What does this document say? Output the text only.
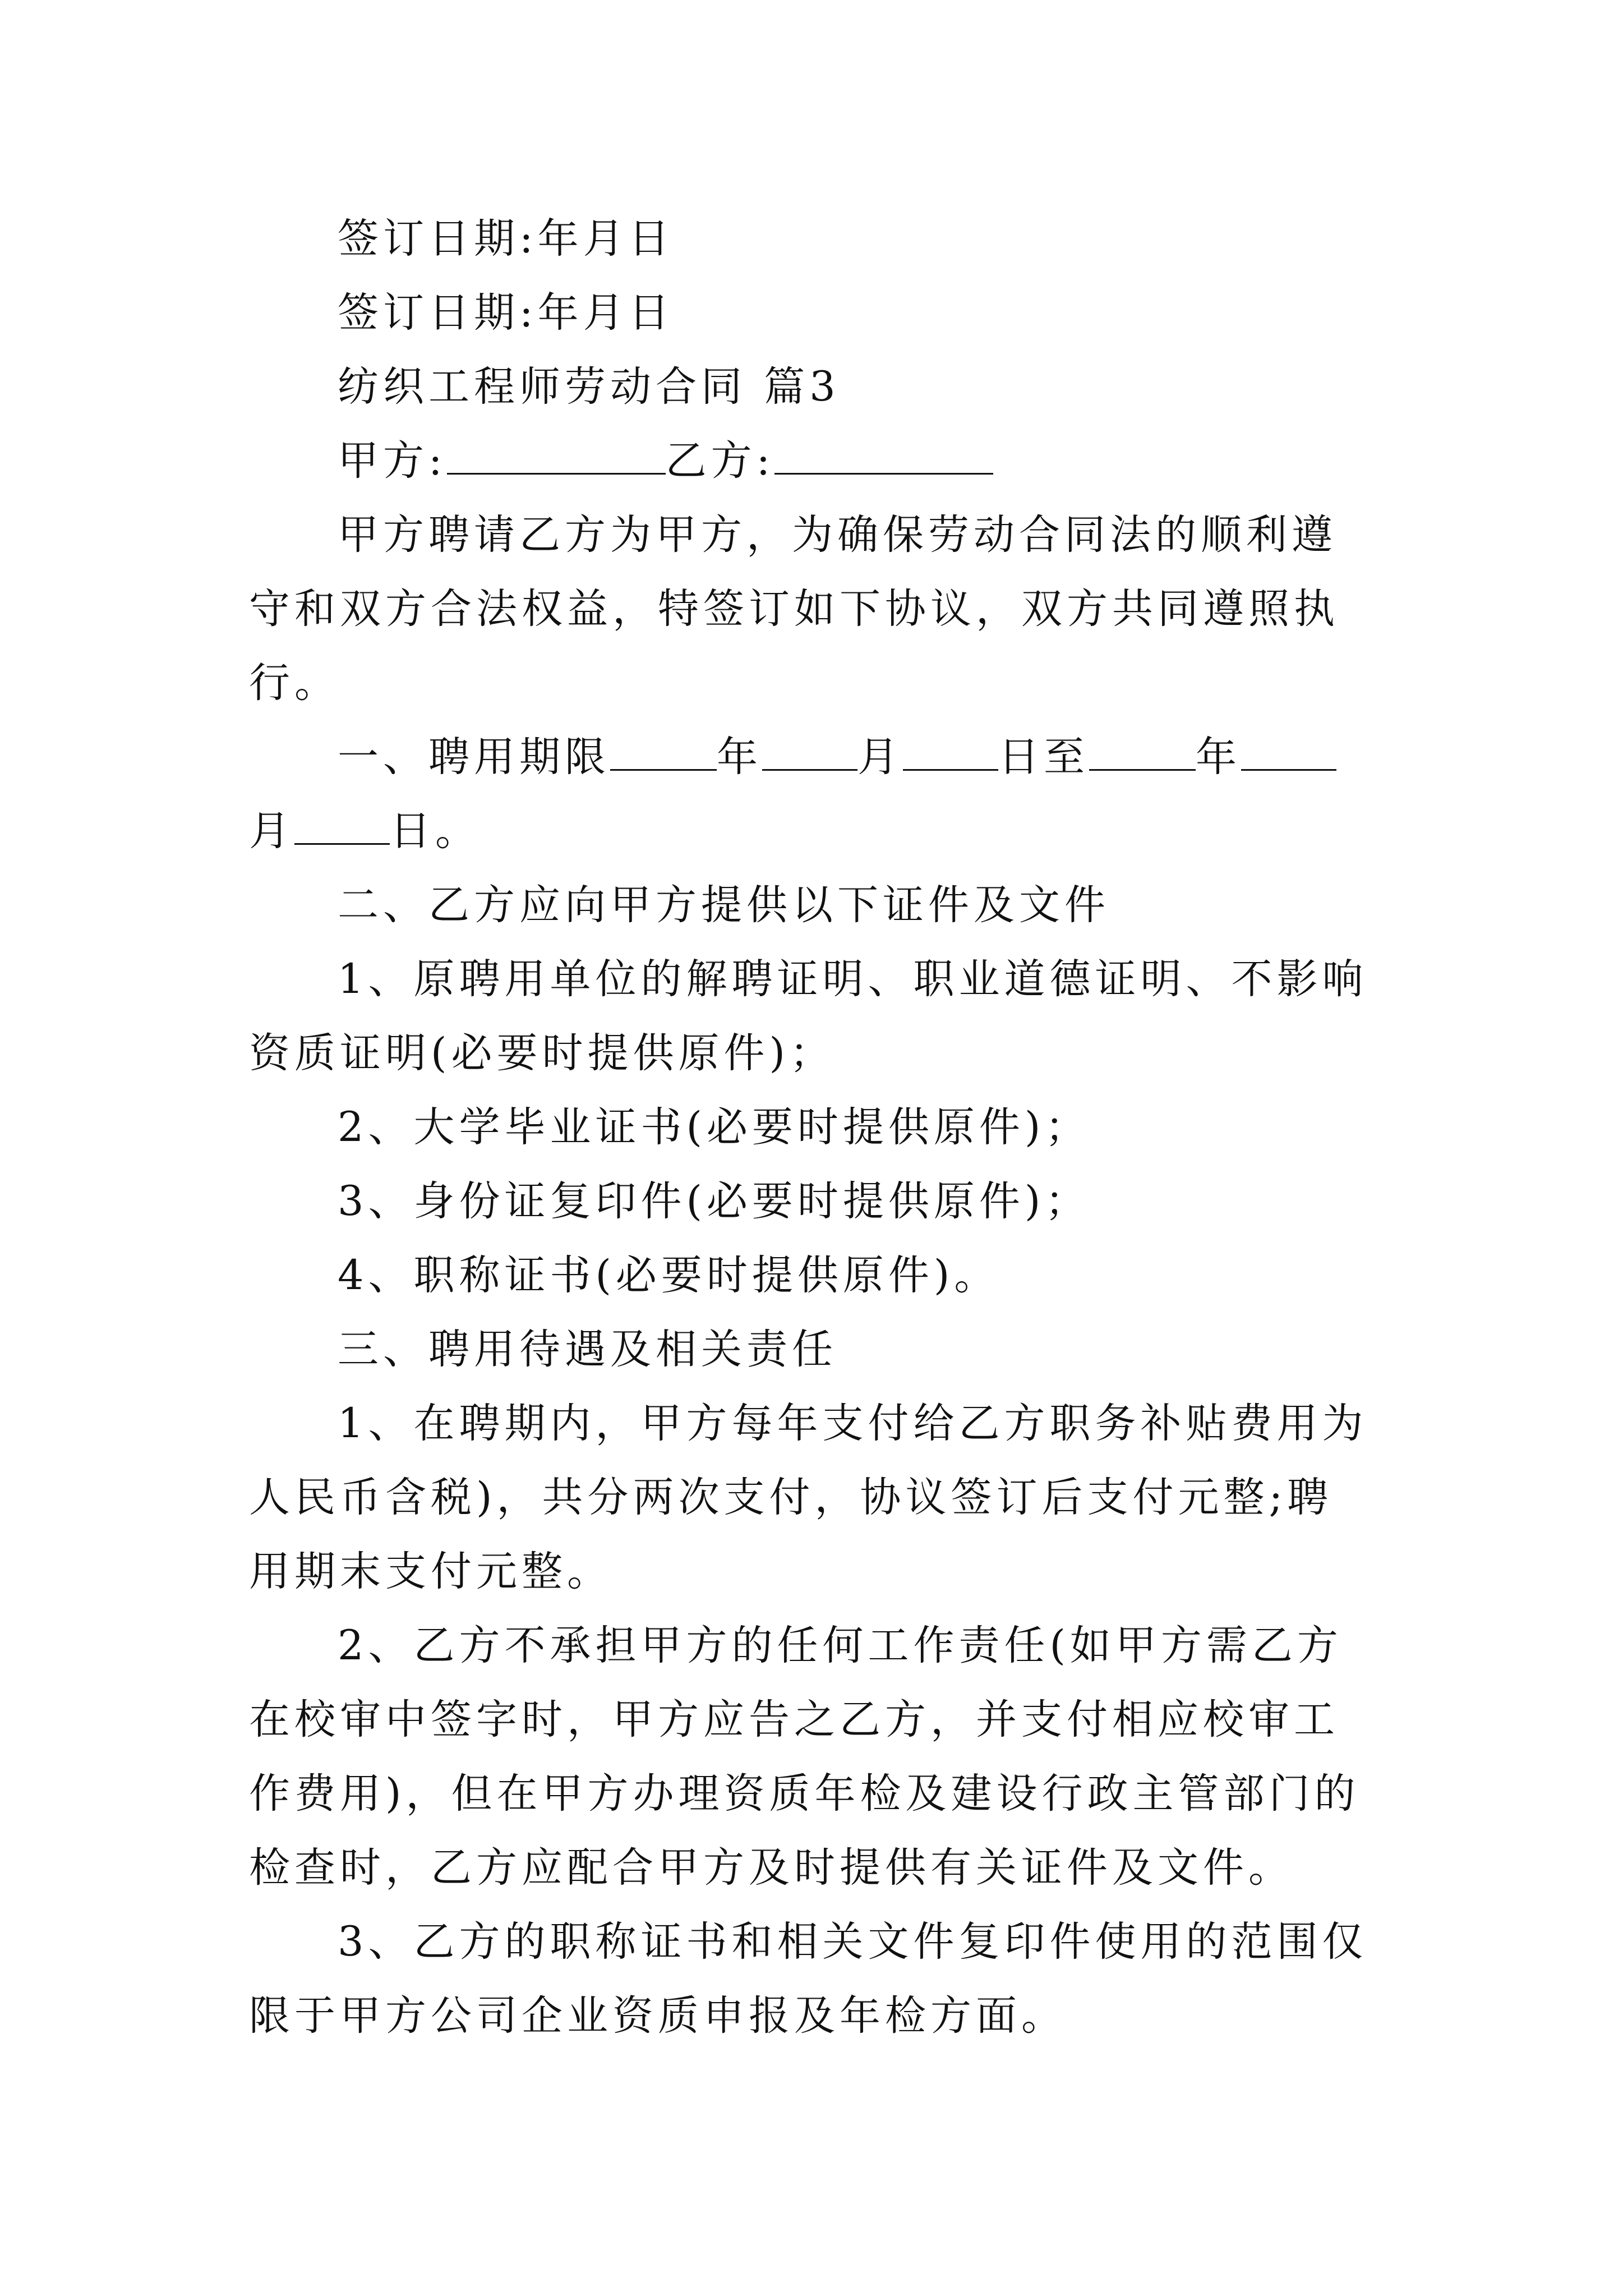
签订日期:年月日

签订日期:年月日

纺织工程师劳动合同 篇3

甲方:	乙方:

甲方聘请乙方为甲方，为确保劳动合同法的顺利遵守和双方合法权益，特签订如下协议，双方共同遵照执行。

一、聘用期限	年 月 日至	年月 日。

二、乙方应向甲方提供以下证件及文件

1、原聘用单位的解聘证明、职业道德证明、不影响资质证明(必要时提供原件)；

2、大学毕业证书(必要时提供原件)；

3、身份证复印件(必要时提供原件)；

4、职称证书(必要时提供原件)。

三、聘用待遇及相关责任

1、在聘期内，甲方每年支付给乙方职务补贴费用为人民币含税)，共分两次支付，协议签订后支付元整;聘用期末支付元整。

2、乙方不承担甲方的任何工作责任(如甲方需乙方在校审中签字时，甲方应告之乙方，并支付相应校审工作费用)，但在甲方办理资质年检及建设行政主管部门的检查时，乙方应配合甲方及时提供有关证件及文件。

3、乙方的职称证书和相关文件复印件使用的范围仅限于甲方公司企业资质申报及年检方面。
